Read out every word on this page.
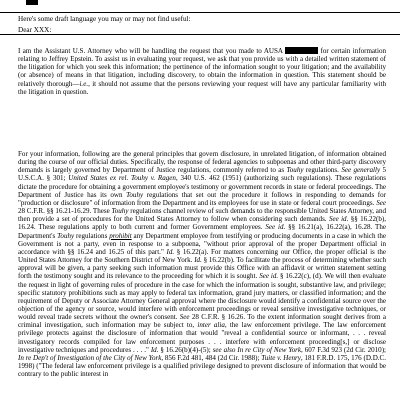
Here's some draft language you may or may not find useful:
Dear XXX:

I am the Assistant U.S. Attorney who will be handling the request that you made to AUSA	for certain information relating to Jeffrey Epstein. To assist us in evaluating your request, we ask that you provide us with a detailed written statement of the litigation for which you seek this information; the pertinence of the information sought to your litigation; and the availability (or absence) of means in that litigation, including discovery, to obtain the information in question. This statement should be relatively thorough—i.e., it should not assume that the persons reviewing your request will have any particular familiarity with the litigation in question.

For your information, following are the general principles that govern disclosure, in unrelated litigation, of information obtained during the course of our official duties. Specifically, the response of federal agencies to subpoenas and other third-party discovery demands is largely governed by Department of Justice regulations, commonly referred to as Touhy regulations. See generally 5 U.S.C.A. § 301; United States ex rel. Touhy v. Ragen, 340 U.S. 462 (1951) (authorizing such regulations). These regulations dictate the procedure for obtaining a government employee's testimony or government records in state or federal proceedings. The Department of Justice has its own Touhy regulations that set out the procedure it follows in responding to demands for "production or disclosure" of information from the Department and its employees for use in state or federal court proceedings. See 28 C.F.R. §§ 16.21-16.29. These Touhy regulations channel review of such demands to the responsible United States Attorney, and then provide a set of procedures for the United States Attorney to follow when considering such demands. See id. §§ 16.22(b), 16.24. These regulations apply to both current and former Government employees. See id. §§ 16.21(a), 16.22(a), 16.28. The Department's Touhy regulations prohibit any Department employee from testifying or producing documents in a case in which the Government is not a party, even in response to a subpoena, "without prior approval of the proper Department official in accordance with §§ 16.24 and 16.25 of this part." Id. § 16.22(a). For matters concerning our Office, the proper official is the United States Attorney for the Southern District of New York. Id. § 16.22(b). To facilitate the process of determining whether such approval will be given, a party seeking such information must provide this Office with an affidavit or written statement setting forth the testimony sought and its relevance to the proceeding for which it is sought. See id. § 16.22(c), (d). We will then evaluate the request in light of governing rules of procedure in the case for which the information is sought, substantive law, and privilege; specific statutory prohibitions such as may apply to federal tax information, grand jury matters, or classified information; and the requirement of Deputy or Associate Attorney General approval where the disclosure would identify a confidential source over the objection of the agency or source, would interfere with enforcement proceedings or reveal sensitive investigative techniques, or would reveal trade secrets without the owner's consent. See 28 C.F.R. § 16.26. To the extent information sought derives from a criminal investigation, such information may be subject to, inter alia, the law enforcement privilege. The law enforcement privilege protects against the disclosure of information that would "reveal a confidential source or informant, . . . reveal investigatory records compiled for law enforcement purposes . . . interfere with enforcement proceeding[s,] or disclose investigative techniques and procedures . . . ." Id. § 16.26(b)(4)-(5); see also In re City of New York, 607 F.3d 923 (2d Cir. 2010); In re Dep't of Investigation of the City of New York, 856 F.2d 481, 484 (2d Cir. 1988); Tuite v. Henry, 181 F.R.D. 175, 176 (D.D.C. 1998) ("The federal law enforcement privilege is a qualified privilege designed to prevent disclosure of information that would be contrary to the public interest in
